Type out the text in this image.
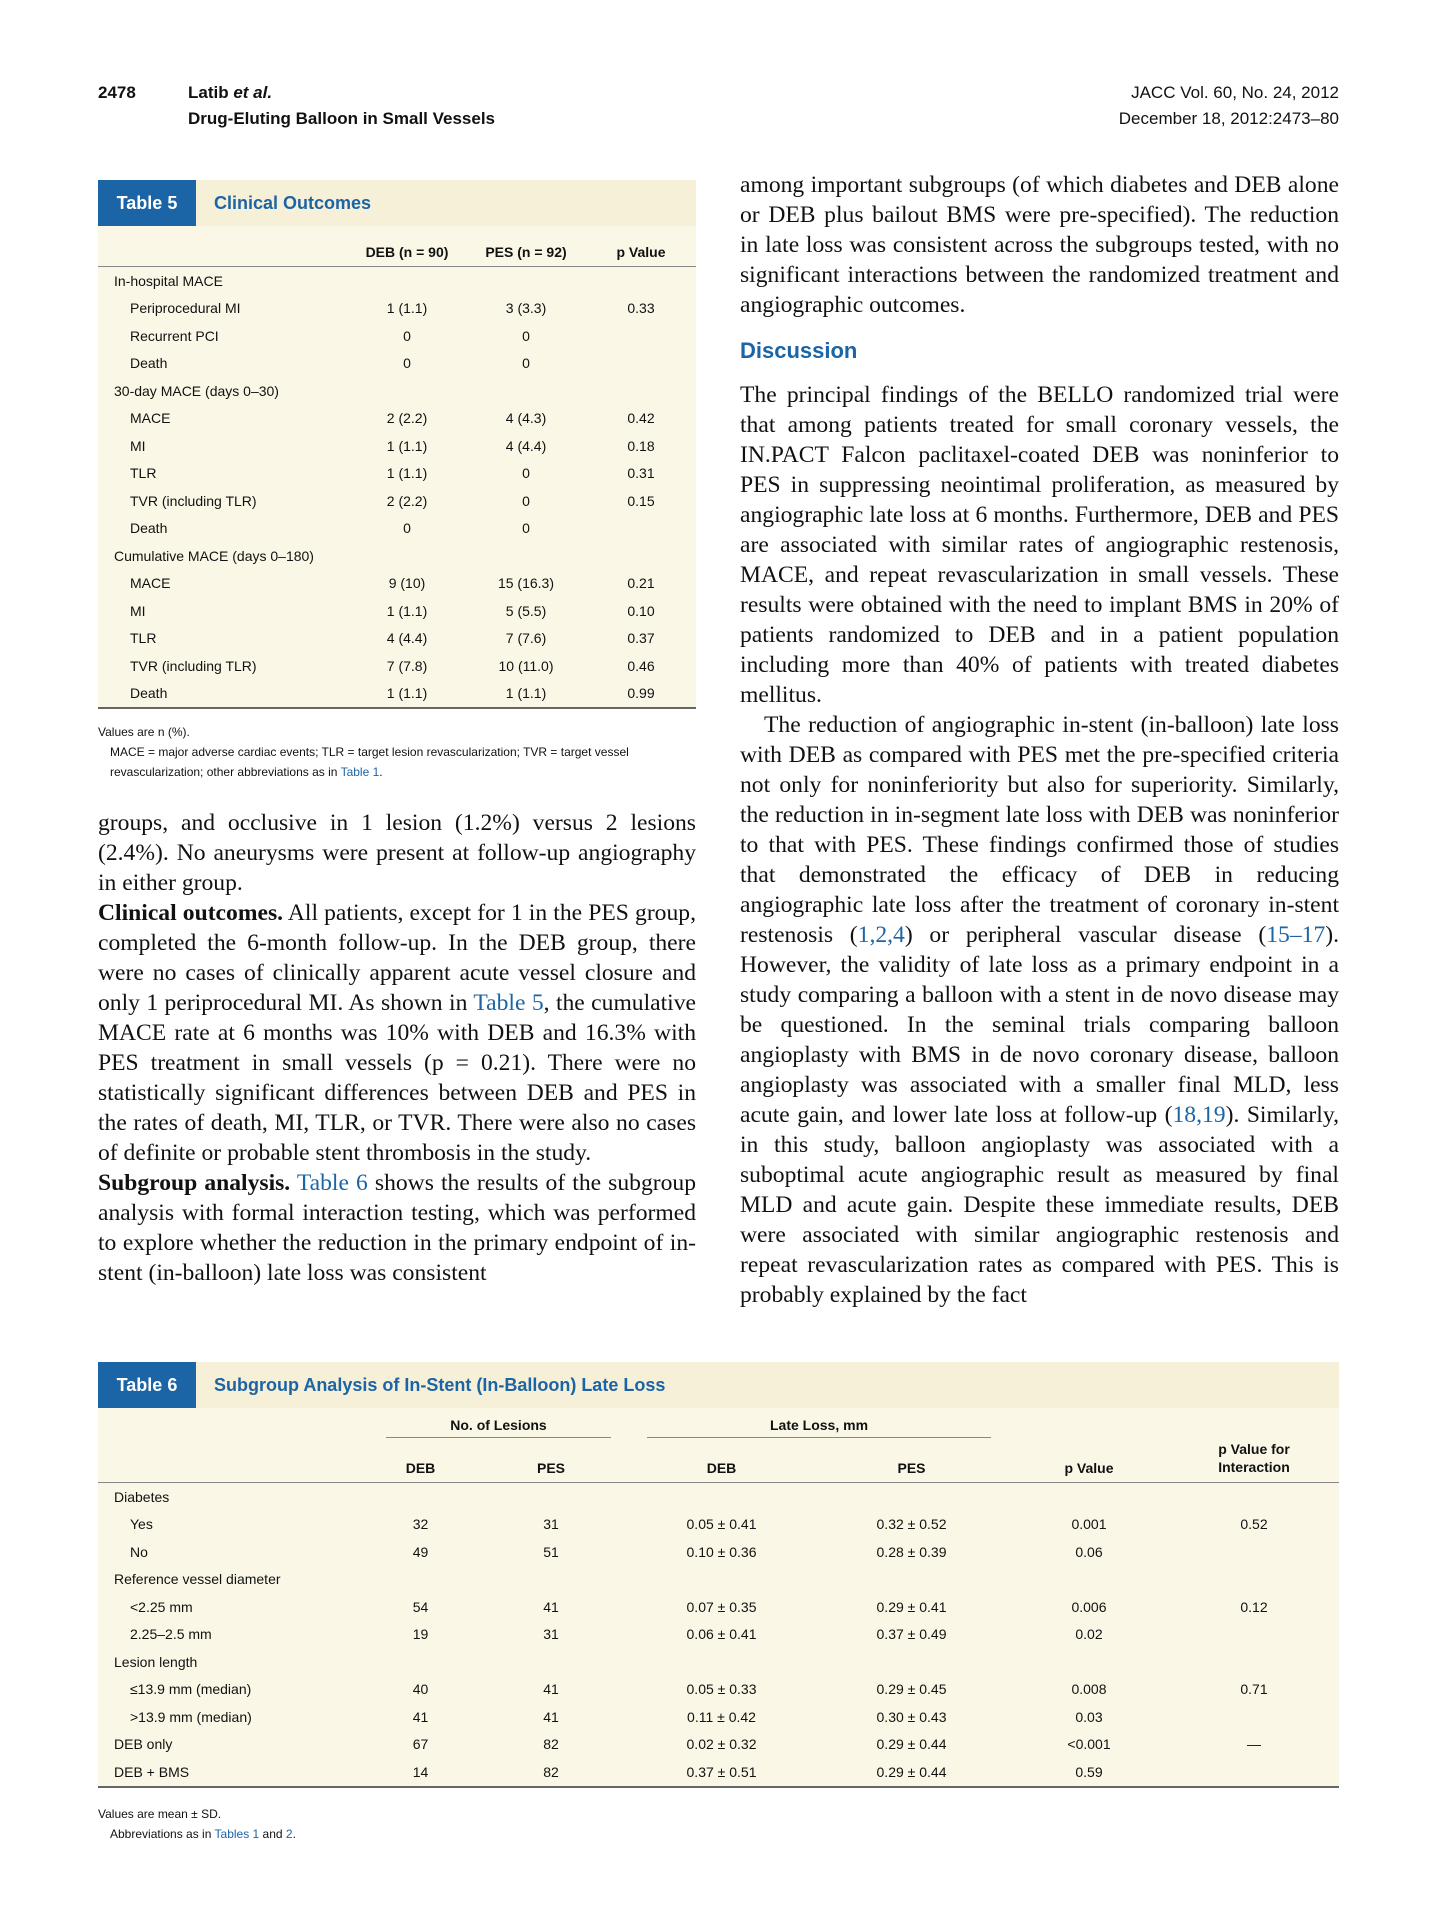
2478	Latib et al.
Drug-Eluting Balloon in Small Vessels
JACC Vol. 60, No. 24, 2012
December 18, 2012:2473–80
Table 5	Clinical Outcomes
	DEB (n = 90)	PES (n = 92)	p Value
In-hospital MACE			
Periprocedural MI	1 (1.1)	3 (3.3)	0.33
Recurrent PCI	0	0	
Death	0	0	
30-day MACE (days 0–30)			
MACE	2 (2.2)	4 (4.3)	0.42
MI	1 (1.1)	4 (4.4)	0.18
TLR	1 (1.1)	0	0.31
TVR (including TLR)	2 (2.2)	0	0.15
Death	0	0	
Cumulative MACE (days 0–180)			
MACE	9 (10)	15 (16.3)	0.21
MI	1 (1.1)	5 (5.5)	0.10
TLR	4 (4.4)	7 (7.6)	0.37
TVR (including TLR)	7 (7.8)	10 (11.0)	0.46
Death	1 (1.1)	1 (1.1)	0.99
Values are n (%).
MACE = major adverse cardiac events; TLR = target lesion revascularization; TVR = target vessel revascularization; other abbreviations as in Table 1.

groups, and occlusive in 1 lesion (1.2%) versus 2 lesions (2.4%). No aneurysms were present at follow-up angiography in either group.

Clinical outcomes. All patients, except for 1 in the PES group, completed the 6-month follow-up. In the DEB group, there were no cases of clinically apparent acute vessel closure and only 1 periprocedural MI. As shown in Table 5, the cumulative MACE rate at 6 months was 10% with DEB and 16.3% with PES treatment in small vessels (p = 0.21). There were no statistically significant differences between DEB and PES in the rates of death, MI, TLR, or TVR. There were also no cases of definite or probable stent thrombosis in the study.

Subgroup analysis. Table 6 shows the results of the subgroup analysis with formal interaction testing, which was performed to explore whether the reduction in the primary endpoint of in-stent (in-balloon) late loss was consistent

among important subgroups (of which diabetes and DEB alone or DEB plus bailout BMS were pre-specified). The reduction in late loss was consistent across the subgroups tested, with no significant interactions between the randomized treatment and angiographic outcomes.

Discussion

The principal findings of the BELLO randomized trial were that among patients treated for small coronary vessels, the IN.PACT Falcon paclitaxel-coated DEB was noninferior to PES in suppressing neointimal proliferation, as measured by angiographic late loss at 6 months. Furthermore, DEB and PES are associated with similar rates of angiographic restenosis, MACE, and repeat revascularization in small vessels. These results were obtained with the need to implant BMS in 20% of patients randomized to DEB and in a patient population including more than 40% of patients with treated diabetes mellitus.

The reduction of angiographic in-stent (in-balloon) late loss with DEB as compared with PES met the pre-specified criteria not only for noninferiority but also for superiority. Similarly, the reduction in in-segment late loss with DEB was noninferior to that with PES. These findings confirmed those of studies that demonstrated the efficacy of DEB in reducing angiographic late loss after the treatment of coronary in-stent restenosis (1,2,4) or peripheral vascular disease (15–17). However, the validity of late loss as a primary endpoint in a study comparing a balloon with a stent in de novo disease may be questioned. In the seminal trials comparing balloon angioplasty with BMS in de novo coronary disease, balloon angioplasty was associated with a smaller final MLD, less acute gain, and lower late loss at follow-up (18,19). Similarly, in this study, balloon angioplasty was associated with a suboptimal acute angiographic result as measured by final MLD and acute gain. Despite these immediate results, DEB were associated with similar angiographic restenosis and repeat revascularization rates as compared with PES. This is probably explained by the fact

Table 6	Subgroup Analysis of In-Stent (In-Balloon) Late Loss

	No. of Lesions		Late Loss, mm			p Value for
Interaction

	DEB	PES	DEB	PES	p Value	
Diabetes						
Yes	32	31	0.05 ± 0.41	0.32 ± 0.52	0.001	0.52
No	49	51	0.10 ± 0.36	0.28 ± 0.39	0.06	
Reference vessel diameter						
<2.25 mm	54	41	0.07 ± 0.35	0.29 ± 0.41	0.006	0.12
2.25–2.5 mm	19	31	0.06 ± 0.41	0.37 ± 0.49	0.02	
Lesion length						
≤13.9 mm (median)	40	41	0.05 ± 0.33	0.29 ± 0.45	0.008	0.71
>13.9 mm (median)	41	41	0.11 ± 0.42	0.30 ± 0.43	0.03	
DEB only	67	82	0.02 ± 0.32	0.29 ± 0.44	<0.001	—
DEB + BMS	14	82	0.37 ± 0.51	0.29 ± 0.44	0.59	
Values are mean ± SD.
Abbreviations as in Tables 1 and 2.
